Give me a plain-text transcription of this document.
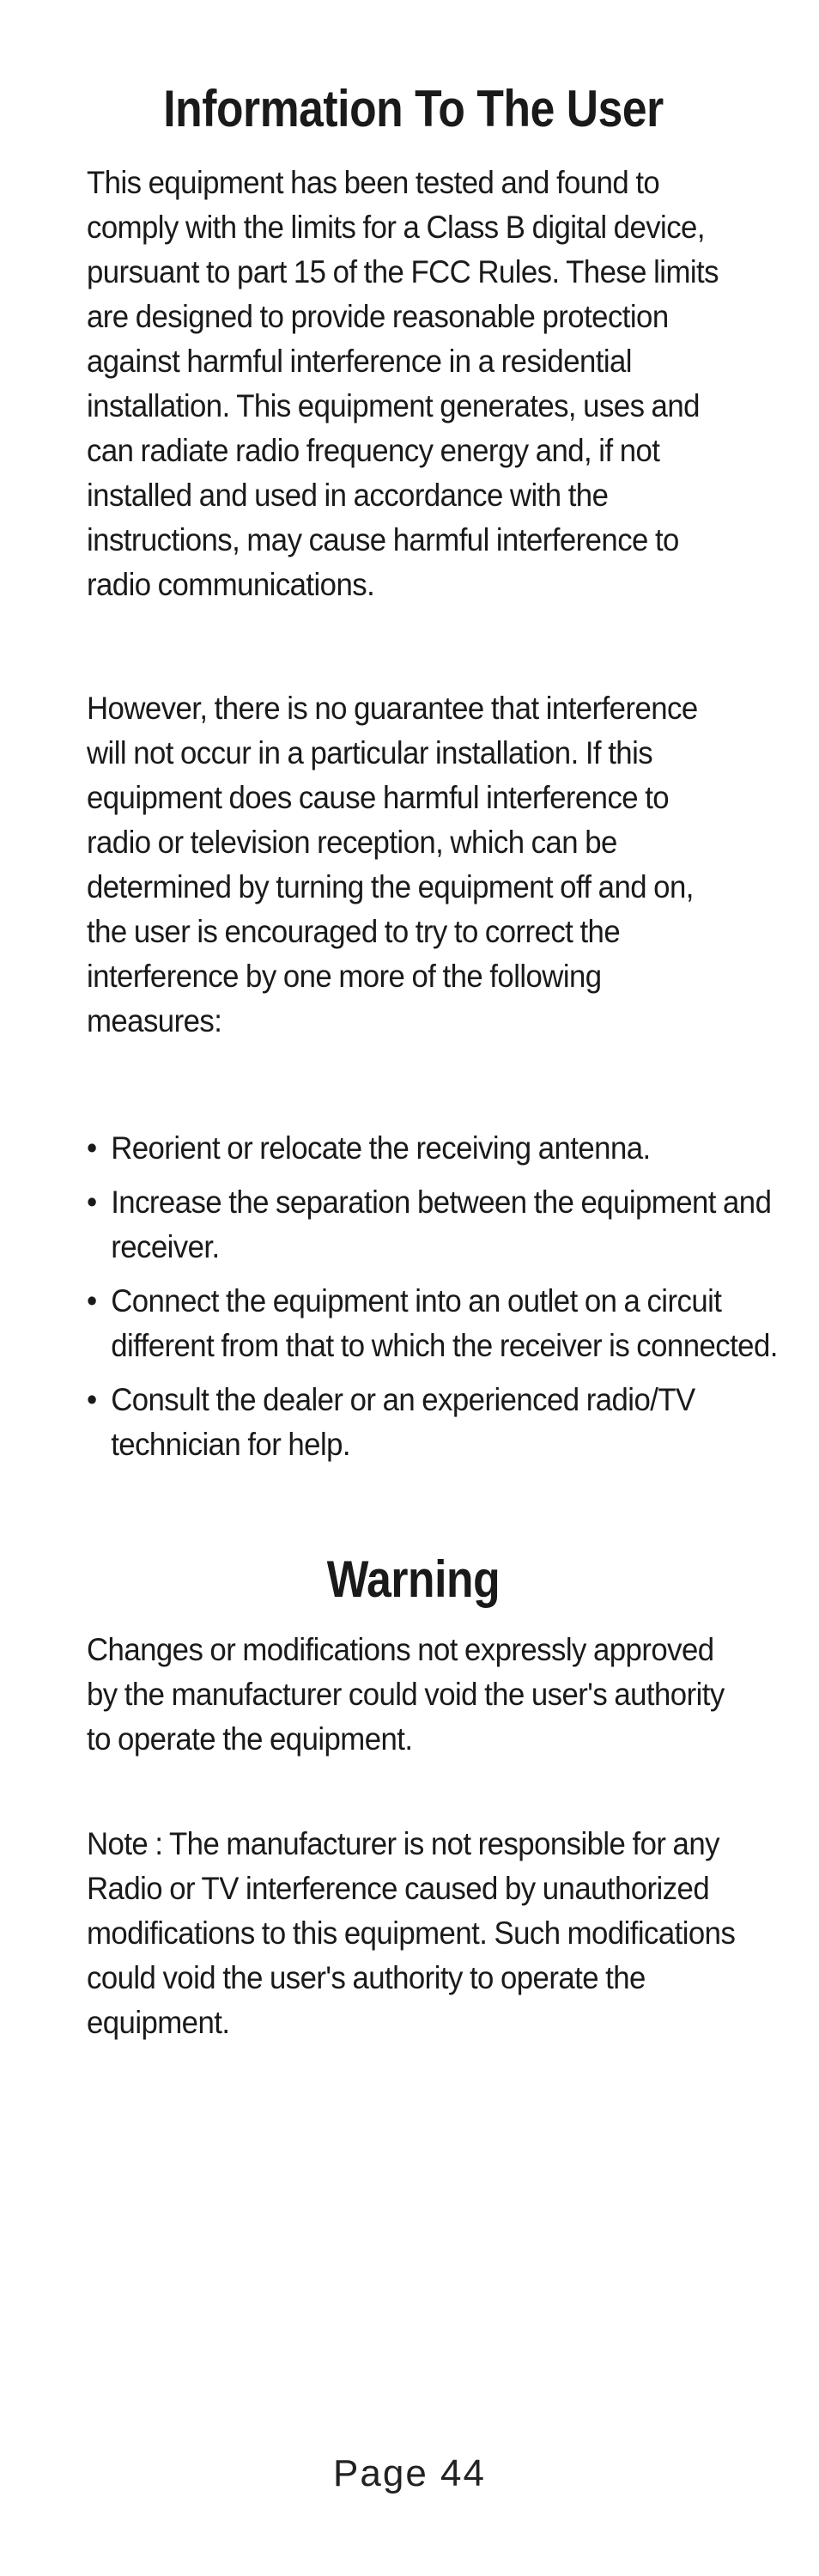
Information To The User

This equipment has been tested and found to comply with the limits for a Class B digital device, pursuant to part 15 of the FCC Rules. These limits are designed to provide reasonable protection against harmful interference in a residential installation. This equipment generates, uses and can radiate radio frequency energy and, if not installed and used in accordance with the instructions, may cause harmful interference to radio communications.

However, there is no guarantee that interference will not occur in a particular installation. If this equipment does cause harmful interference to radio or television reception, which can be determined by turning the equipment off and on, the user is encouraged to try to correct the interference by one more of the following measures:

• Reorient or relocate the receiving antenna.
• Increase the separation between the equipment and receiver.
• Connect the equipment into an outlet on a circuit different from that to which the receiver is connected.
• Consult the dealer or an experienced radio/TV technician for help.
Warning

Changes or modifications not expressly approved by the manufacturer could void the user's authority to operate the equipment.

Note : The manufacturer is not responsible for any Radio or TV interference caused by unauthorized modifications to this equipment. Such modifications could void the user's authority to operate the equipment.

Page 44
